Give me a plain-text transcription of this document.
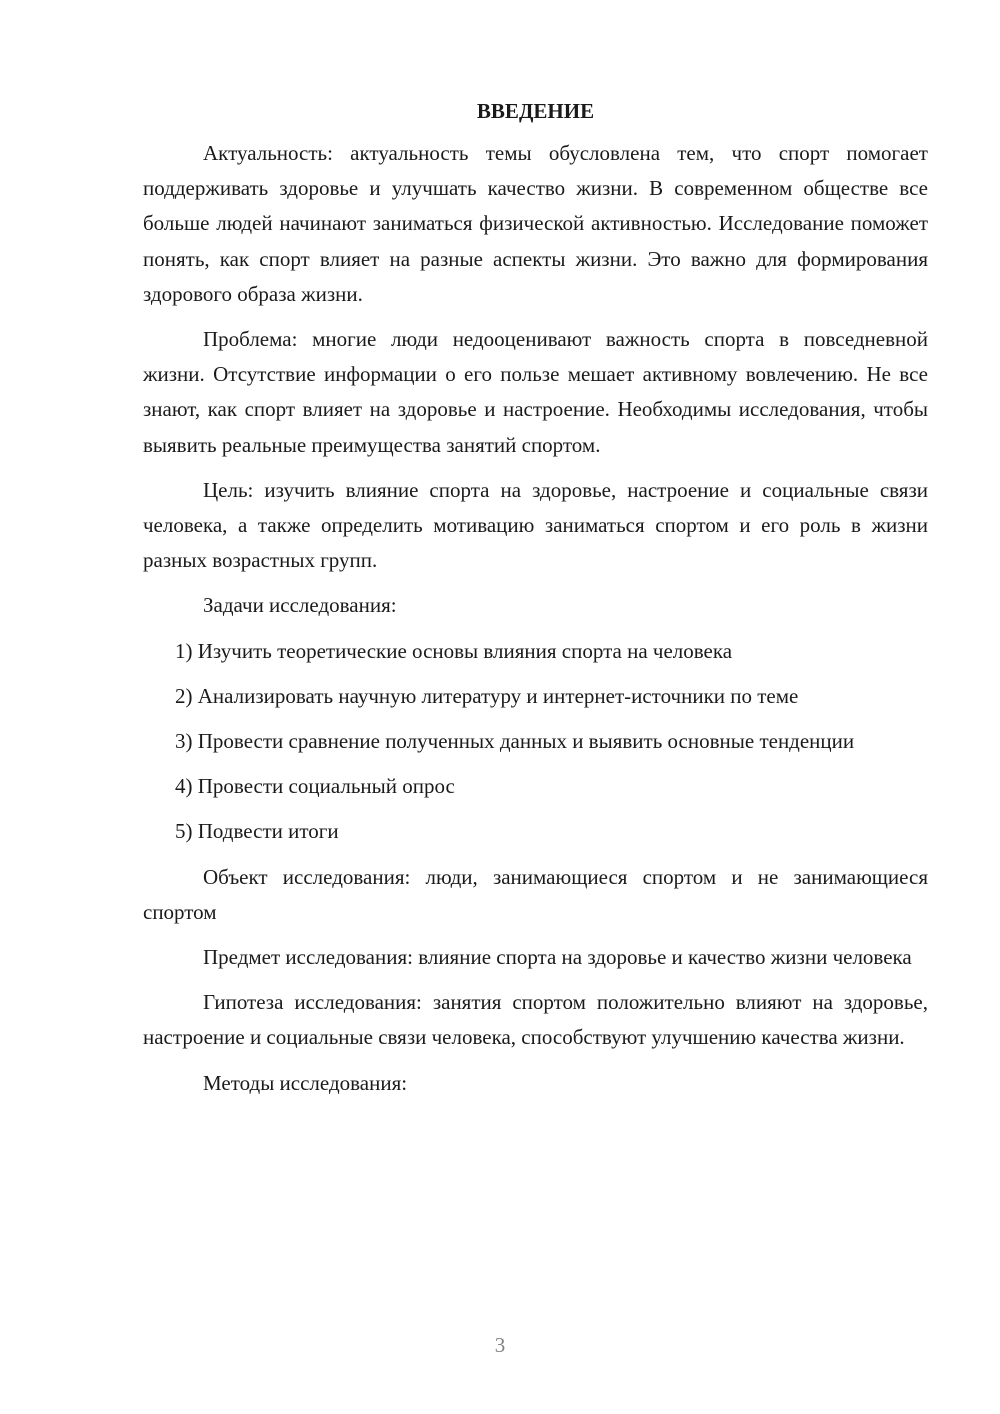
ВВЕДЕНИЕ

Актуальность: актуальность темы обусловлена тем, что спорт помогает поддерживать здоровье и улучшать качество жизни. В современном обществе все больше людей начинают заниматься физической активностью. Исследование поможет понять, как спорт влияет на разные аспекты жизни. Это важно для формирования здорового образа жизни.

Проблема: многие люди недооценивают важность спорта в повседневной жизни. Отсутствие информации о его пользе мешает активному вовлечению. Не все знают, как спорт влияет на здоровье и настроение. Необходимы исследования, чтобы выявить реальные преимущества занятий спортом.

Цель: изучить влияние спорта на здоровье, настроение и социальные связи человека, а также определить мотивацию заниматься спортом и его роль в жизни разных возрастных групп.

Задачи исследования:

1) Изучить теоретические основы влияния спорта на человека

2) Анализировать научную литературу и интернет-источники по теме

3) Провести сравнение полученных данных и выявить основные тенденции

4) Провести социальный опрос

5) Подвести итоги

Объект исследования: люди, занимающиеся спортом и не занимающиеся спортом

Предмет исследования: влияние спорта на здоровье и качество жизни человека

Гипотеза исследования: занятия спортом положительно влияют на здоровье, настроение и социальные связи человека, способствуют улучшению качества жизни.

Методы исследования:

3
